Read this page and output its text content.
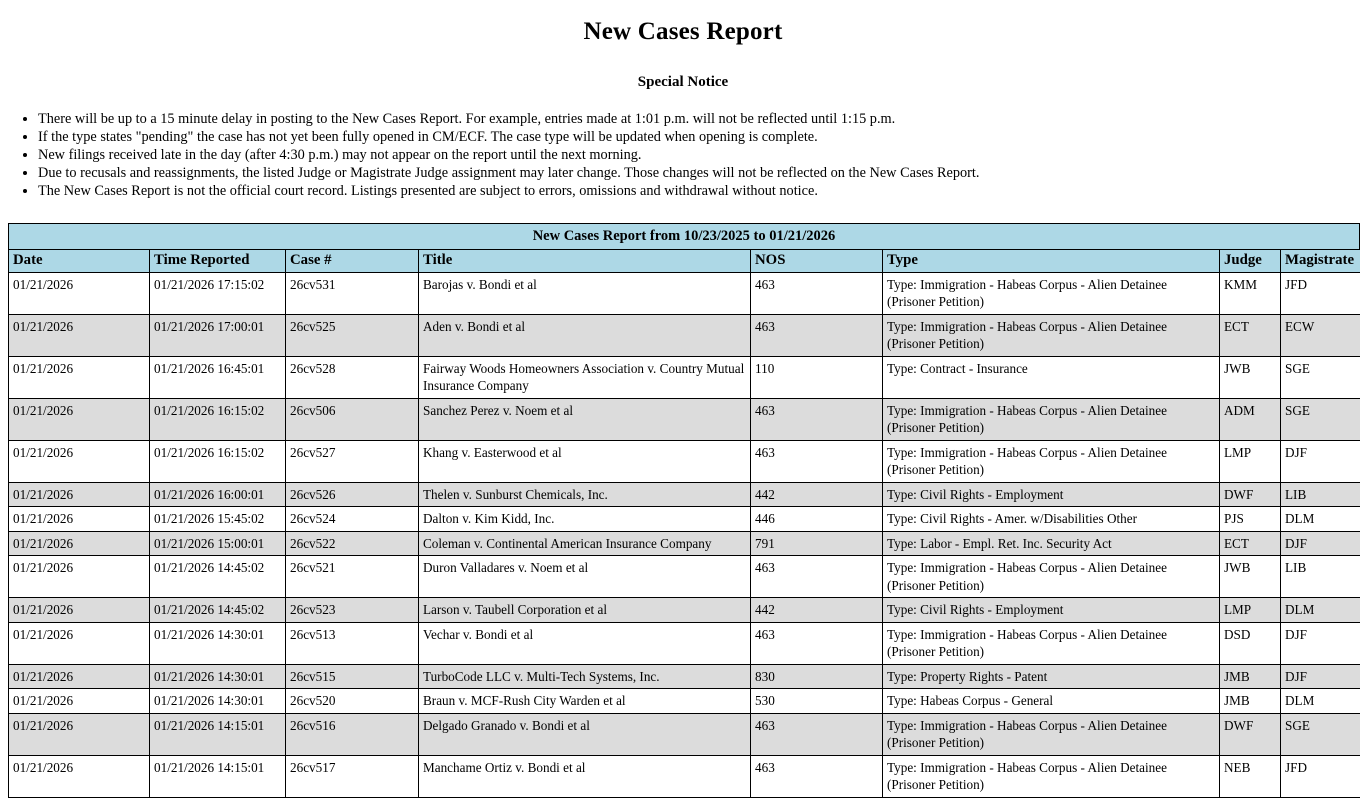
New Cases Report
Special Notice
• There will be up to a 15 minute delay in posting to the New Cases Report. For example, entries made at 1:01 p.m. will not be reflected until 1:15 p.m.
• If the type states "pending" the case has not yet been fully opened in CM/ECF. The case type will be updated when opening is complete.
• New filings received late in the day (after 4:30 p.m.) may not appear on the report until the next morning.
• Due to recusals and reassignments, the listed Judge or Magistrate Judge assignment may later change. Those changes will not be reflected on the New Cases Report.
• The New Cases Report is not the official court record. Listings presented are subject to errors, omissions and withdrawal without notice.
New Cases Report from 10/23/2025 to 01/21/2026
Date	Time Reported	Case #	Title	NOS	Type	Judge	Magistrate
01/21/2026	01/21/2026 17:15:02	26cv531	Barojas v. Bondi et al	463	Type: Immigration - Habeas Corpus - Alien Detainee
(Prisoner Petition)	KMM	JFD
01/21/2026	01/21/2026 17:00:01	26cv525	Aden v. Bondi et al	463	Type: Immigration - Habeas Corpus - Alien Detainee
(Prisoner Petition)	ECT	ECW
01/21/2026	01/21/2026 16:45:01	26cv528	Fairway Woods Homeowners Association v. Country Mutual Insurance Company	110	Type: Contract - Insurance	JWB	SGE
01/21/2026	01/21/2026 16:15:02	26cv506	Sanchez Perez v. Noem et al	463	Type: Immigration - Habeas Corpus - Alien Detainee
(Prisoner Petition)	ADM	SGE
01/21/2026	01/21/2026 16:15:02	26cv527	Khang v. Easterwood et al	463	Type: Immigration - Habeas Corpus - Alien Detainee
(Prisoner Petition)	LMP	DJF
01/21/2026	01/21/2026 16:00:01	26cv526	Thelen v. Sunburst Chemicals, Inc.	442	Type: Civil Rights - Employment	DWF	LIB
01/21/2026	01/21/2026 15:45:02	26cv524	Dalton v. Kim Kidd, Inc.	446	Type: Civil Rights - Amer. w/Disabilities Other	PJS	DLM
01/21/2026	01/21/2026 15:00:01	26cv522	Coleman v. Continental American Insurance Company	791	Type: Labor - Empl. Ret. Inc. Security Act	ECT	DJF
01/21/2026	01/21/2026 14:45:02	26cv521	Duron Valladares v. Noem et al	463	Type: Immigration - Habeas Corpus - Alien Detainee
(Prisoner Petition)	JWB	LIB
01/21/2026	01/21/2026 14:45:02	26cv523	Larson v. Taubell Corporation et al	442	Type: Civil Rights - Employment	LMP	DLM
01/21/2026	01/21/2026 14:30:01	26cv513	Vechar v. Bondi et al	463	Type: Immigration - Habeas Corpus - Alien Detainee
(Prisoner Petition)	DSD	DJF
01/21/2026	01/21/2026 14:30:01	26cv515	TurboCode LLC v. Multi-Tech Systems, Inc.	830	Type: Property Rights - Patent	JMB	DJF
01/21/2026	01/21/2026 14:30:01	26cv520	Braun v. MCF-Rush City Warden et al	530	Type: Habeas Corpus - General	JMB	DLM
01/21/2026	01/21/2026 14:15:01	26cv516	Delgado Granado v. Bondi et al	463	Type: Immigration - Habeas Corpus - Alien Detainee
(Prisoner Petition)	DWF	SGE
01/21/2026	01/21/2026 14:15:01	26cv517	Manchame Ortiz v. Bondi et al	463	Type: Immigration - Habeas Corpus - Alien Detainee
(Prisoner Petition)	NEB	JFD
